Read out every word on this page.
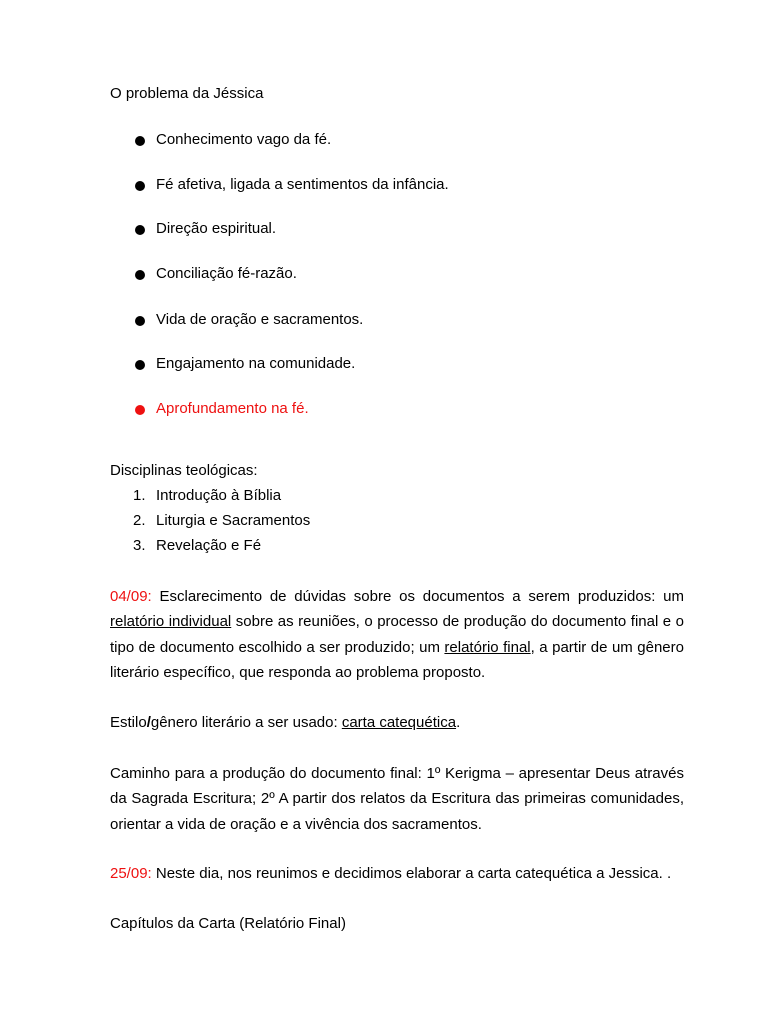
O problema da Jéssica
Conhecimento vago da fé.
Fé afetiva, ligada a sentimentos da infância.
Direção espiritual.
Conciliação fé-razão.
Vida de oração e sacramentos.
Engajamento na comunidade.
Aprofundamento na fé.
Disciplinas teológicas:
1. Introdução à Bíblia
2. Liturgia e Sacramentos
3. Revelação e Fé
04/09: Esclarecimento de dúvidas sobre os documentos a serem produzidos: um relatório individual sobre as reuniões, o processo de produção do documento final e o tipo de documento escolhido a ser produzido; um relatório final, a partir de um gênero literário específico, que responda ao problema proposto.
Estilo/gênero literário a ser usado: carta catequética.
Caminho para a produção do documento final: 1º Kerigma – apresentar Deus através da Sagrada Escritura; 2º A partir dos relatos da Escritura das primeiras comunidades, orientar a vida de oração e a vivência dos sacramentos.
25/09: Neste dia, nos reunimos e decidimos elaborar a carta catequética a Jessica. .
Capítulos da Carta (Relatório Final)
